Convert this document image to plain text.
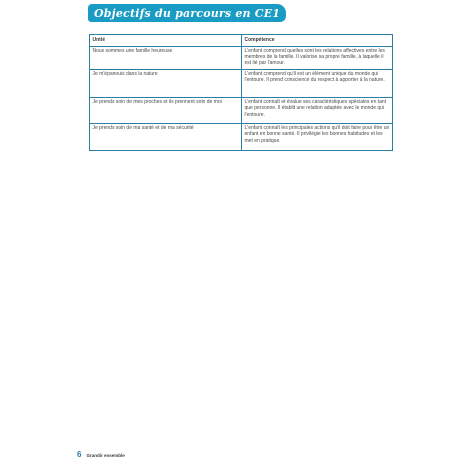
Objectifs du parcours en CE1
Unité	Compétence
Nous sommes une famille heureuse	L'enfant comprend quelles sont les relations affectives entre les membres de la famille. Il valorise sa propre famille, à laquelle il est lié par l'amour.
Je m'épanouis dans la nature	L'enfant comprend qu'il est un élément unique du monde qui l'entoure. Il prend conscience du respect à apporter à la nature.
Je prends soin de mes proches et ils prennent soin de moi	L'enfant connaît et évalue ses caractéristiques spéciales en tant que personne. Il établit une relation adaptée avec le monde qui l'entoure.
Je prends soin de ma santé et de ma sécurité	L'enfant connaît les principales actions qu'il doit faire pour être un enfant en bonne santé. Il privilégie les bonnes habitudes et les met en pratique.
6 Grandir ensemble
